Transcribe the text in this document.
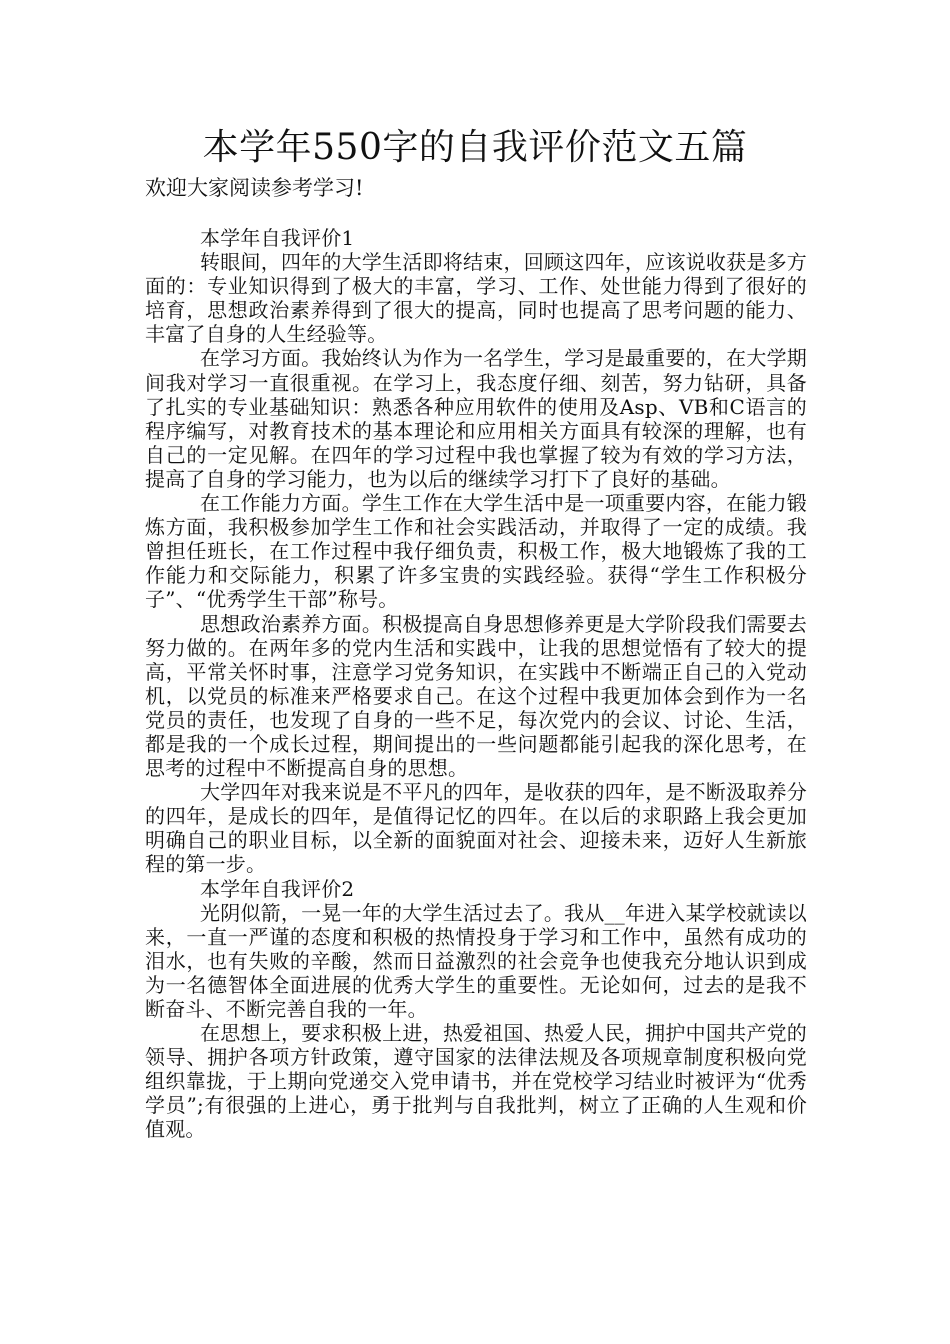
本学年550字的自我评价范文五篇

欢迎大家阅读参考学习!

本学年自我评价1

转眼间，四年的大学生活即将结束，回顾这四年，应该说收获是多方面的：专业知识得到了极大的丰富，学习、工作、处世能力得到了很好的培育，思想政治素养得到了很大的提高，同时也提高了思考问题的能力、丰富了自身的人生经验等。

在学习方面。我始终认为作为一名学生，学习是最重要的，在大学期间我对学习一直很重视。在学习上，我态度仔细、刻苦，努力钻研，具备了扎实的专业基础知识：熟悉各种应用软件的使用及Asp、VB和C语言的程序编写，对教育技术的基本理论和应用相关方面具有较深的理解，也有自己的一定见解。在四年的学习过程中我也掌握了较为有效的学习方法，提高了自身的学习能力，也为以后的继续学习打下了良好的基础。

在工作能力方面。学生工作在大学生活中是一项重要内容，在能力锻炼方面，我积极参加学生工作和社会实践活动，并取得了一定的成绩。我曾担任班长，在工作过程中我仔细负责，积极工作，极大地锻炼了我的工作能力和交际能力，积累了许多宝贵的实践经验。获得“学生工作积极分子”、“优秀学生干部”称号。

思想政治素养方面。积极提高自身思想修养更是大学阶段我们需要去努力做的。在两年多的党内生活和实践中，让我的思想觉悟有了较大的提高，平常关怀时事，注意学习党务知识，在实践中不断端正自己的入党动机，以党员的标准来严格要求自己。在这个过程中我更加体会到作为一名党员的责任，也发现了自身的一些不足，每次党内的会议、讨论、生活，都是我的一个成长过程，期间提出的一些问题都能引起我的深化思考，在思考的过程中不断提高自身的思想。

大学四年对我来说是不平凡的四年，是收获的四年，是不断汲取养分的四年，是成长的四年，是值得记忆的四年。在以后的求职路上我会更加明确自己的职业目标，以全新的面貌面对社会、迎接未来，迈好人生新旅程的第一步。

本学年自我评价2

光阴似箭，一晃一年的大学生活过去了。我从__年进入某学校就读以来，一直一严谨的态度和积极的热情投身于学习和工作中，虽然有成功的泪水，也有失败的辛酸，然而日益激烈的社会竞争也使我充分地认识到成为一名德智体全面进展的优秀大学生的重要性。无论如何，过去的是我不断奋斗、不断完善自我的一年。

在思想上，要求积极上进，热爱祖国、热爱人民，拥护中国共产党的领导、拥护各项方针政策，遵守国家的法律法规及各项规章制度积极向党组织靠拢，于上期向党递交入党申请书，并在党校学习结业时被评为“优秀学员”;有很强的上进心，勇于批判与自我批判，树立了正确的人生观和价值观。
